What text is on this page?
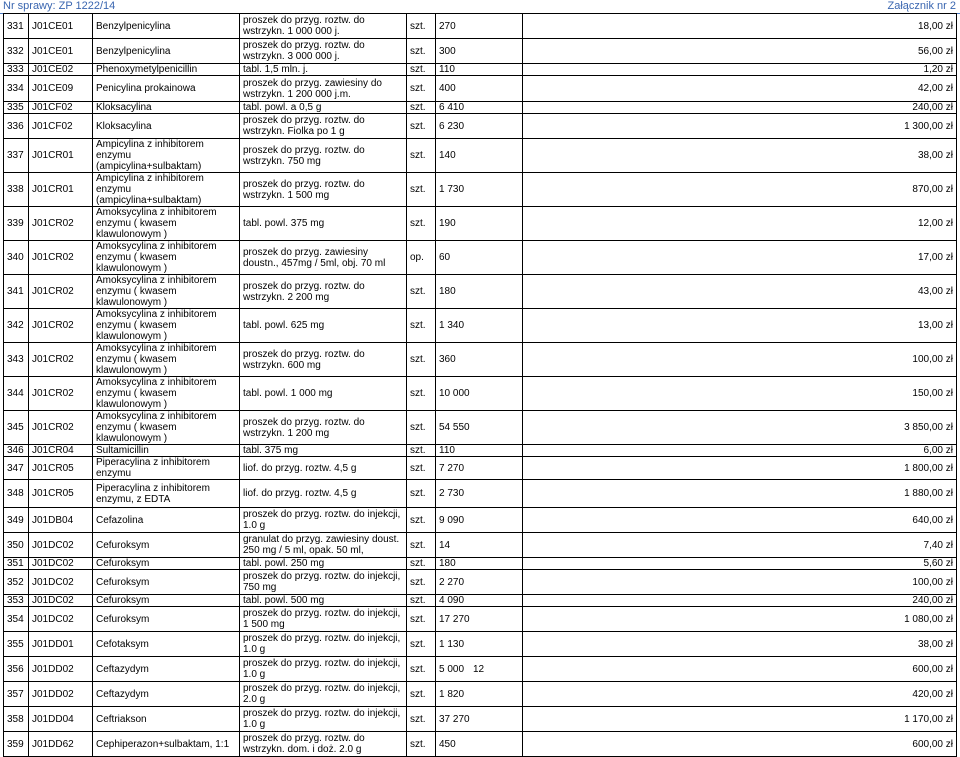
Nr sprawy: ZP 1222/14	Załącznik nr 2
331	J01CE01	Benzylpenicylina	proszek do przyg. roztw. do wstrzykn. 1 000 000 j.	szt.	270	18,00 zł
332	J01CE01	Benzylpenicylina	proszek do przyg. roztw. do wstrzykn. 3 000 000 j.	szt.	300	56,00 zł
333	J01CE02	Phenoxymetylpenicillin	tabl. 1,5 mln. j.	szt.	110	1,20 zł
334	J01CE09	Penicylina prokainowa	proszek do przyg. zawiesiny do wstrzykn. 1 200 000 j.m.	szt.	400	42,00 zł
335	J01CF02	Kloksacylina	tabl. powl. a 0,5 g	szt.	6 410	240,00 zł
336	J01CF02	Kloksacylina	proszek do przyg. roztw. do wstrzykn. Fiolka po 1 g	szt.	6 230	1 300,00 zł
337	J01CR01	Ampicylina z inhibitorem enzymu (ampicylina+sulbaktam)	proszek do przyg. roztw. do wstrzykn. 750 mg	szt.	140	38,00 zł
338	J01CR01	Ampicylina z inhibitorem enzymu (ampicylina+sulbaktam)	proszek do przyg. roztw. do wstrzykn. 1 500 mg	szt.	1 730	870,00 zł
339	J01CR02	Amoksycylina z inhibitorem enzymu ( kwasem klawulonowym )	tabl. powl. 375 mg	szt.	190	12,00 zł
340	J01CR02	Amoksycylina z inhibitorem enzymu ( kwasem klawulonowym )	proszek do przyg. zawiesiny doustn., 457mg / 5ml, obj. 70 ml	op.	60	17,00 zł
341	J01CR02	Amoksycylina z inhibitorem enzymu ( kwasem klawulonowym )	proszek do przyg. roztw. do wstrzykn. 2 200 mg	szt.	180	43,00 zł
342	J01CR02	Amoksycylina z inhibitorem enzymu ( kwasem klawulonowym )	tabl. powl. 625 mg	szt.	1 340	13,00 zł
343	J01CR02	Amoksycylina z inhibitorem enzymu ( kwasem klawulonowym )	proszek do przyg. roztw. do wstrzykn. 600 mg	szt.	360	100,00 zł
344	J01CR02	Amoksycylina z inhibitorem enzymu ( kwasem klawulonowym )	tabl. powl. 1 000 mg	szt.	10 000	150,00 zł
345	J01CR02	Amoksycylina z inhibitorem enzymu ( kwasem klawulonowym )	proszek do przyg. roztw. do wstrzykn. 1 200 mg	szt.	54 550	3 850,00 zł
346	J01CR04	Sultamicillin	tabl. 375 mg	szt.	110	6,00 zł
347	J01CR05	Piperacylina z inhibitorem enzymu	liof. do przyg. roztw. 4,5 g	szt.	7 270	1 800,00 zł
348	J01CR05	Piperacylina z inhibitorem enzymu, z EDTA	liof. do przyg. roztw. 4,5 g	szt.	2 730	1 880,00 zł
349	J01DB04	Cefazolina	proszek do przyg. roztw. do injekcji, 1.0 g	szt.	9 090	640,00 zł
350	J01DC02	Cefuroksym	granulat do przyg. zawiesiny doust. 250 mg / 5 ml, opak. 50 ml,	szt.	14	7,40 zł
351	J01DC02	Cefuroksym	tabl. powl. 250 mg	szt.	180	5,60 zł
352	J01DC02	Cefuroksym	proszek do przyg. roztw. do injekcji, 750 mg	szt.	2 270	100,00 zł
353	J01DC02	Cefuroksym	tabl. powl. 500 mg	szt.	4 090	240,00 zł
354	J01DC02	Cefuroksym	proszek do przyg. roztw. do injekcji, 1 500 mg	szt.	17 270	1 080,00 zł
355	J01DD01	Cefotaksym	proszek do przyg. roztw. do injekcji, 1.0 g	szt.	1 130	38,00 zł
356	J01DD02	Ceftazydym	proszek do przyg. roztw. do injekcji, 1.0 g	szt.	5 000	600,00 zł
357	J01DD02	Ceftazydym	proszek do przyg. roztw. do injekcji, 2.0 g	szt.	1 820	420,00 zł
358	J01DD04	Ceftriakson	proszek do przyg. roztw. do injekcji, 1.0 g	szt.	37 270	1 170,00 zł
359	J01DD62	Cephiperazon+sulbaktam, 1:1	proszek do przyg. roztw. do wstrzykn. dom. i doż. 2.0 g	szt.	450	600,00 zł
12
